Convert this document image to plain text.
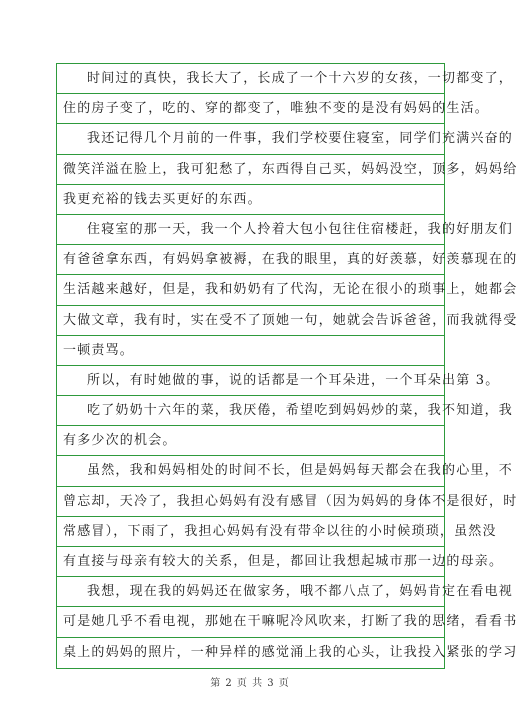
时间过的真快，我长大了，长成了一个十六岁的女孩，一切都变了，
住的房子变了，吃的、穿的都变了，唯独不变的是没有妈妈的生活。
我还记得几个月前的一件事，我们学校要住寝室，同学们充满兴奋的
微笑洋溢在脸上，我可犯愁了，东西得自己买，妈妈没空，顶多，妈妈给
我更充裕的钱去买更好的东西。
住寝室的那一天，我一个人拎着大包小包往住宿楼赶，我的好朋友们
有爸爸拿东西，有妈妈拿被褥，在我的眼里，真的好羡慕，好羡慕现在的
生活越来越好，但是，我和奶奶有了代沟，无论在很小的琐事上，她都会
大做文章，我有时，实在受不了顶她一句，她就会告诉爸爸，而我就得受
一顿责骂。
所以，有时她做的事，说的话都是一个耳朵进，一个耳朵出第 3。
吃了奶奶十六年的菜，我厌倦，希望吃到妈妈炒的菜，我不知道，我
有多少次的机会。
虽然，我和妈妈相处的时间不长，但是妈妈每天都会在我的心里，不
曾忘却，天冷了，我担心妈妈有没有感冒（因为妈妈的身体不是很好，时
常感冒），下雨了，我担心妈妈有没有带伞以往的小时候琐琐，虽然没
有直接与母亲有较大的关系，但是，都回让我想起城市那一边的母亲。
我想，现在我的妈妈还在做家务，哦不都八点了，妈妈肯定在看电视
可是她几乎不看电视，那她在干嘛呢冷风吹来，打断了我的思绪，看看书
桌上的妈妈的照片，一种异样的感觉涌上我的心头，让我投入紧张的学习
第 2 页 共 3 页
